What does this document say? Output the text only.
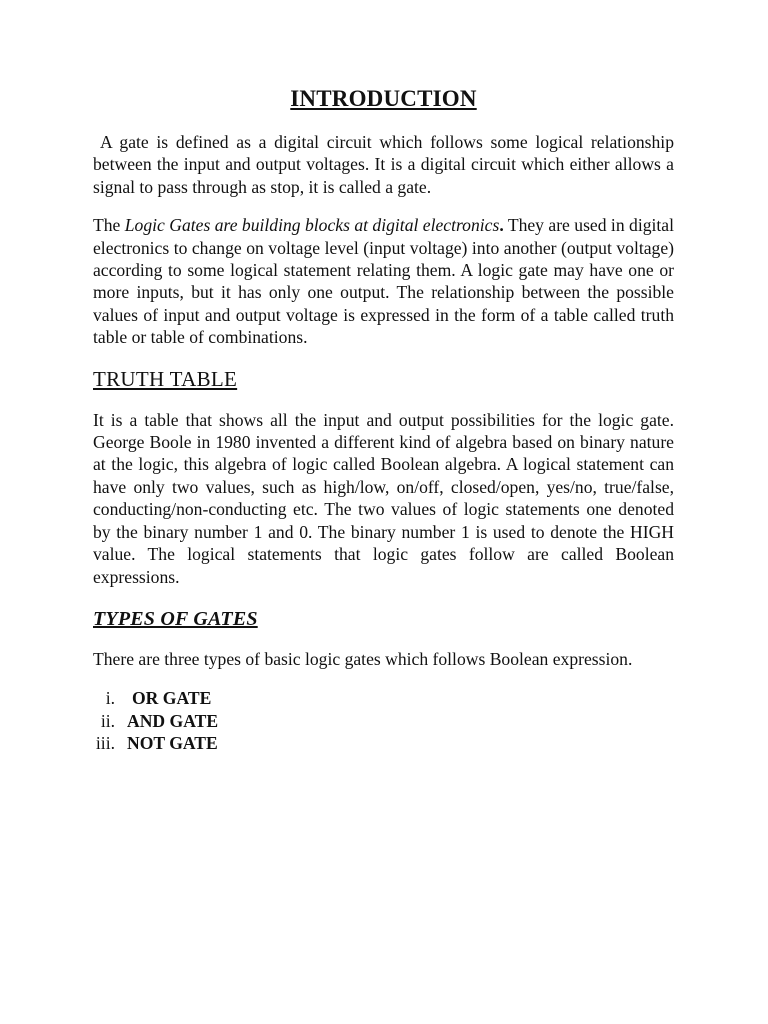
INTRODUCTION

A gate is defined as a digital circuit which follows some logical relationship between the input and output voltages. It is a digital circuit which either allows a signal to pass through as stop, it is called a gate.

The Logic Gates are building blocks at digital electronics. They are used in digital electronics to change on voltage level (input voltage) into another (output voltage) according to some logical statement relating them. A logic gate may have one or more inputs, but it has only one output. The relationship between the possible values of input and output voltage is expressed in the form of a table called truth table or table of combinations.

TRUTH TABLE

It is a table that shows all the input and output possibilities for the logic gate. George Boole in 1980 invented a different kind of algebra based on binary nature at the logic, this algebra of logic called Boolean algebra. A logical statement can have only two values, such as high/low, on/off, closed/open, yes/no, true/false, conducting/non-conducting etc. The two values of logic statements one denoted by the binary number 1 and 0. The binary number 1 is used to denote the HIGH value. The logical statements that logic gates follow are called Boolean expressions.

TYPES OF GATES

There are three types of basic logic gates which follows Boolean expression.

i. OR GATE
ii. AND GATE
iii. NOT GATE
